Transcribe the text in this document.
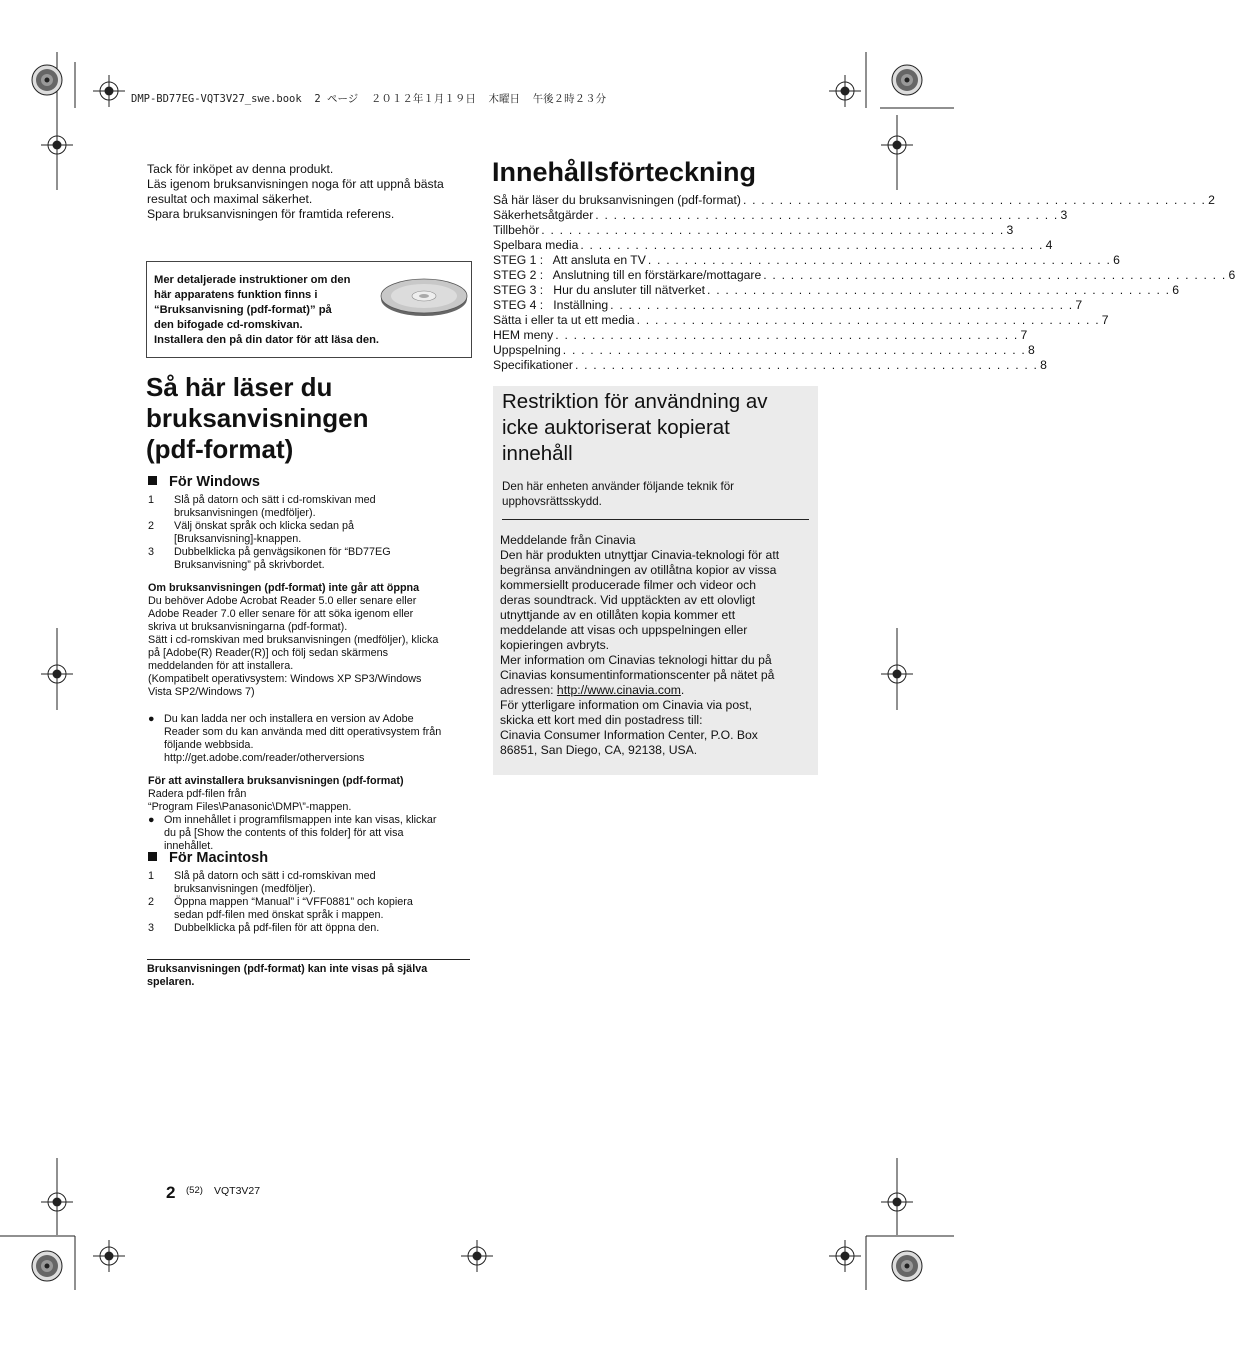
DMP-BD77EG-VQT3V27_swe.book  2 ページ  ２０１２年１月１９日  木曜日  午後２時２３分
Tack för inköpet av denna produkt.
Läs igenom bruksanvisningen noga för att uppnå bästa
resultat och maximal säkerhet.
Spara bruksanvisningen för framtida referens.
Mer detaljerade instruktioner om den
här apparatens funktion finns i
“Bruksanvisning (pdf-format)” på
den bifogade cd-romskivan.
Installera den på din dator för att läsa den.
Så här läser du
bruksanvisningen
(pdf-format)
För Windows
1 Slå på datorn och sätt i cd-romskivan med
bruksanvisningen (medföljer).
2 Välj önskat språk och klicka sedan på
[Bruksanvisning]-knappen.
3 Dubbelklicka på genvägsikonen för “BD77EG
Bruksanvisning” på skrivbordet.
Om bruksanvisningen (pdf-format) inte går att öppna
Du behöver Adobe Acrobat Reader 5.0 eller senare eller
Adobe Reader 7.0 eller senare för att söka igenom eller
skriva ut bruksanvisningarna (pdf-format).
Sätt i cd-romskivan med bruksanvisningen (medföljer), klicka
på [Adobe(R) Reader(R)] och följ sedan skärmens
meddelanden för att installera.
(Kompatibelt operativsystem: Windows XP SP3/Windows
Vista SP2/Windows 7)
● Du kan ladda ner och installera en version av Adobe
Reader som du kan använda med ditt operativsystem från
följande webbsida.
http://get.adobe.com/reader/otherversions
För att avinstallera bruksanvisningen (pdf-format)
Radera pdf-filen från
“Program Files\Panasonic\DMP\”-mappen.
● Om innehållet i programfilsmappen inte kan visas, klickar
du på [Show the contents of this folder] för att visa
innehållet.
För Macintosh
1 Slå på datorn och sätt i cd-romskivan med
bruksanvisningen (medföljer).
2 Öppna mappen “Manual” i “VFF0881” och kopiera
sedan pdf-filen med önskat språk i mappen.
3 Dubbelklicka på pdf-filen för att öppna den.
Bruksanvisningen (pdf-format) kan inte visas på själva
spelaren.
Innehållsförteckning
Så här läser du bruksanvisningen (pdf-format) . . . . . . . . . . . . . . . . . . . . . . . . . . . . . . . . . . . . . . . . . . . . . . . . . . . 2
Säkerhetsåtgärder . . . . . . . . . . . . . . . . . . . . . . . . . . . . . . . . . . . . . . . . . . . . . . . . . . . 3
Tillbehör . . . . . . . . . . . . . . . . . . . . . . . . . . . . . . . . . . . . . . . . . . . . . . . . . . . 3
Spelbara media . . . . . . . . . . . . . . . . . . . . . . . . . . . . . . . . . . . . . . . . . . . . . . . . . . . 4
STEG 1 :   Att ansluta en TV . . . . . . . . . . . . . . . . . . . . . . . . . . . . . . . . . . . . . . . . . . . . . . . . . . . 6
STEG 2 :   Anslutning till en förstärkare/mottagare . . . . . . . . . . . . . . . . . . . . . . . . . . . . . . . . . . . . . . . . . . . . . . . . . . . 6
STEG 3 :   Hur du ansluter till nätverket . . . . . . . . . . . . . . . . . . . . . . . . . . . . . . . . . . . . . . . . . . . . . . . . . . . 6
STEG 4 :   Inställning . . . . . . . . . . . . . . . . . . . . . . . . . . . . . . . . . . . . . . . . . . . . . . . . . . . 7
Sätta i eller ta ut ett media . . . . . . . . . . . . . . . . . . . . . . . . . . . . . . . . . . . . . . . . . . . . . . . . . . . 7
HEM meny . . . . . . . . . . . . . . . . . . . . . . . . . . . . . . . . . . . . . . . . . . . . . . . . . . . 7
Uppspelning . . . . . . . . . . . . . . . . . . . . . . . . . . . . . . . . . . . . . . . . . . . . . . . . . . . 8
Specifikationer . . . . . . . . . . . . . . . . . . . . . . . . . . . . . . . . . . . . . . . . . . . . . . . . . . . 8
Restriktion för användning av
icke auktoriserat kopierat
innehåll
Den här enheten använder följande teknik för
upphovsrättsskydd.
Meddelande från Cinavia
Den här produkten utnyttjar Cinavia-teknologi för att
begränsa användningen av otillåtna kopior av vissa
kommersiellt producerade filmer och videor och
deras soundtrack. Vid upptäckten av ett olovligt
utnyttjande av en otillåten kopia kommer ett
meddelande att visas och uppspelningen eller
kopieringen avbryts.
Mer information om Cinavias teknologi hittar du på
Cinavias konsumentinformationscenter på nätet på
adressen: http://www.cinavia.com.
För ytterligare information om Cinavia via post,
skicka ett kort med din postadress till:
Cinavia Consumer Information Center, P.O. Box
86851, San Diego, CA, 92138, USA.
2 (52) VQT3V27
